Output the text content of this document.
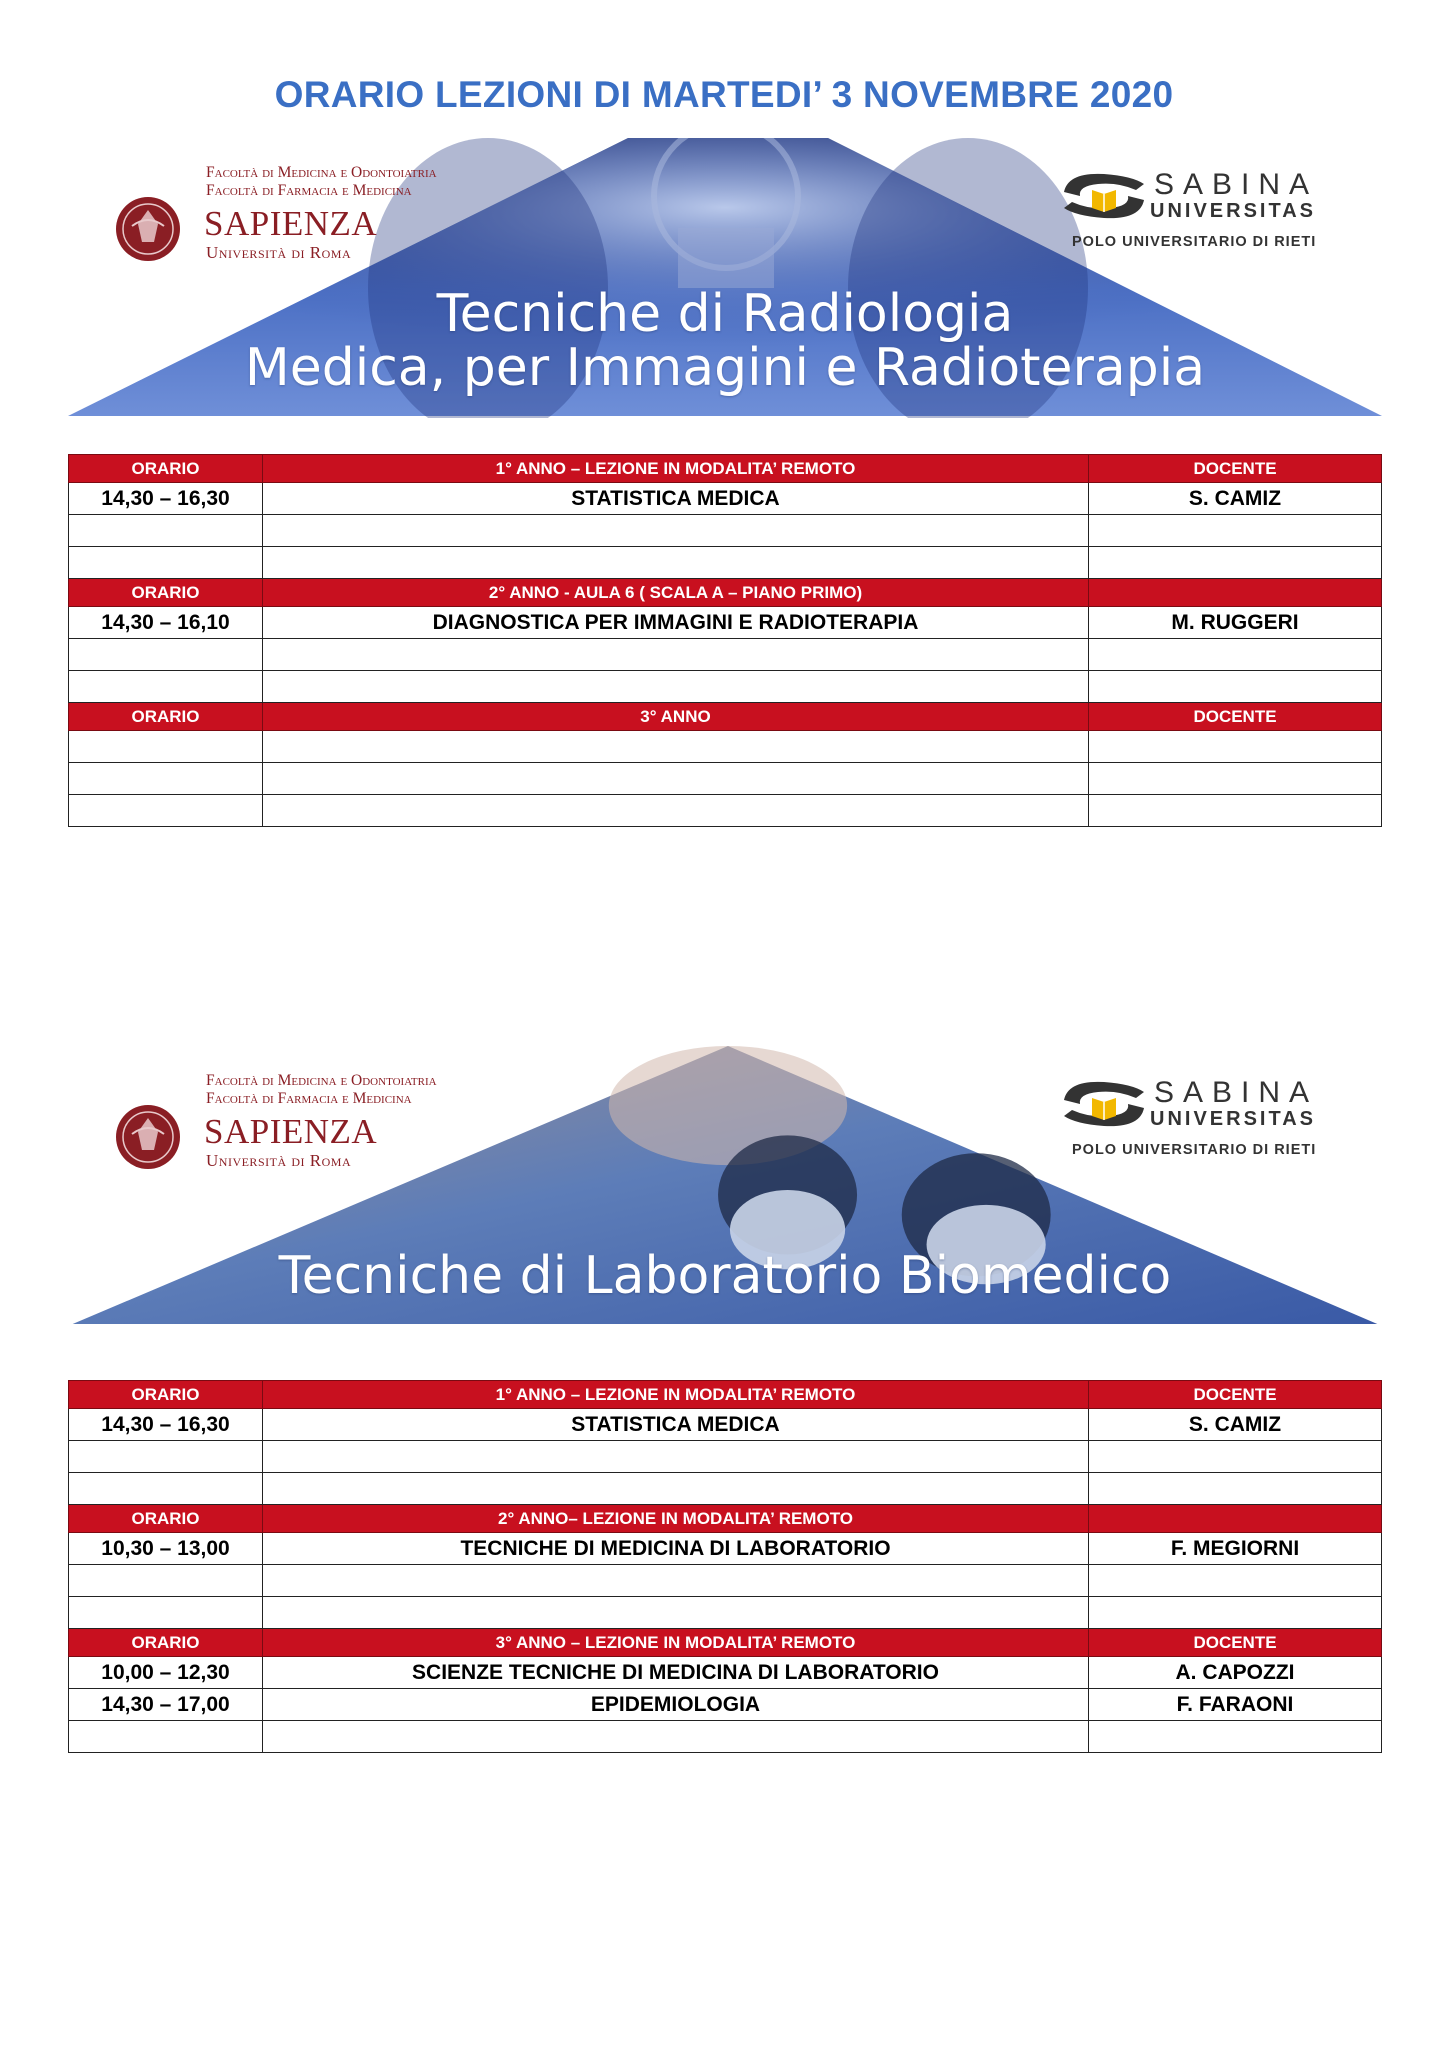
ORARIO LEZIONI DI MARTEDI’ 3 NOVEMBRE 2020
Facoltà di Medicina e Odontoiatria
Facoltà di Farmacia e Medicina
SAPIENZA
Università di Roma
SABINA
UNIVERSITAS
POLO UNIVERSITARIO DI RIETI
Tecniche di Radiologia
Medica, per Immagini e Radioterapia
ORARIO	1° ANNO – LEZIONE IN MODALITA’ REMOTO	DOCENTE
14,30 – 16,30	STATISTICA MEDICA	S. CAMIZ

ORARIO	2° ANNO - AULA 6 ( SCALA A – PIANO PRIMO)	
14,30 – 16,10	DIAGNOSTICA PER IMMAGINI E RADIOTERAPIA	M. RUGGERI

ORARIO	3° ANNO	DOCENTE

Facoltà di Medicina e Odontoiatria
Facoltà di Farmacia e Medicina
SAPIENZA
Università di Roma
SABINA
UNIVERSITAS
POLO UNIVERSITARIO DI RIETI
Tecniche di Laboratorio Biomedico
ORARIO	1° ANNO – LEZIONE IN MODALITA’ REMOTO	DOCENTE
14,30 – 16,30	STATISTICA MEDICA	S. CAMIZ

ORARIO	2° ANNO– LEZIONE IN MODALITA’ REMOTO	
10,30 – 13,00	TECNICHE DI MEDICINA DI LABORATORIO	F. MEGIORNI

ORARIO	3° ANNO – LEZIONE IN MODALITA’ REMOTO	DOCENTE
10,00 – 12,30	SCIENZE TECNICHE DI MEDICINA DI LABORATORIO	A. CAPOZZI
14,30 – 17,00	EPIDEMIOLOGIA	F. FARAONI
